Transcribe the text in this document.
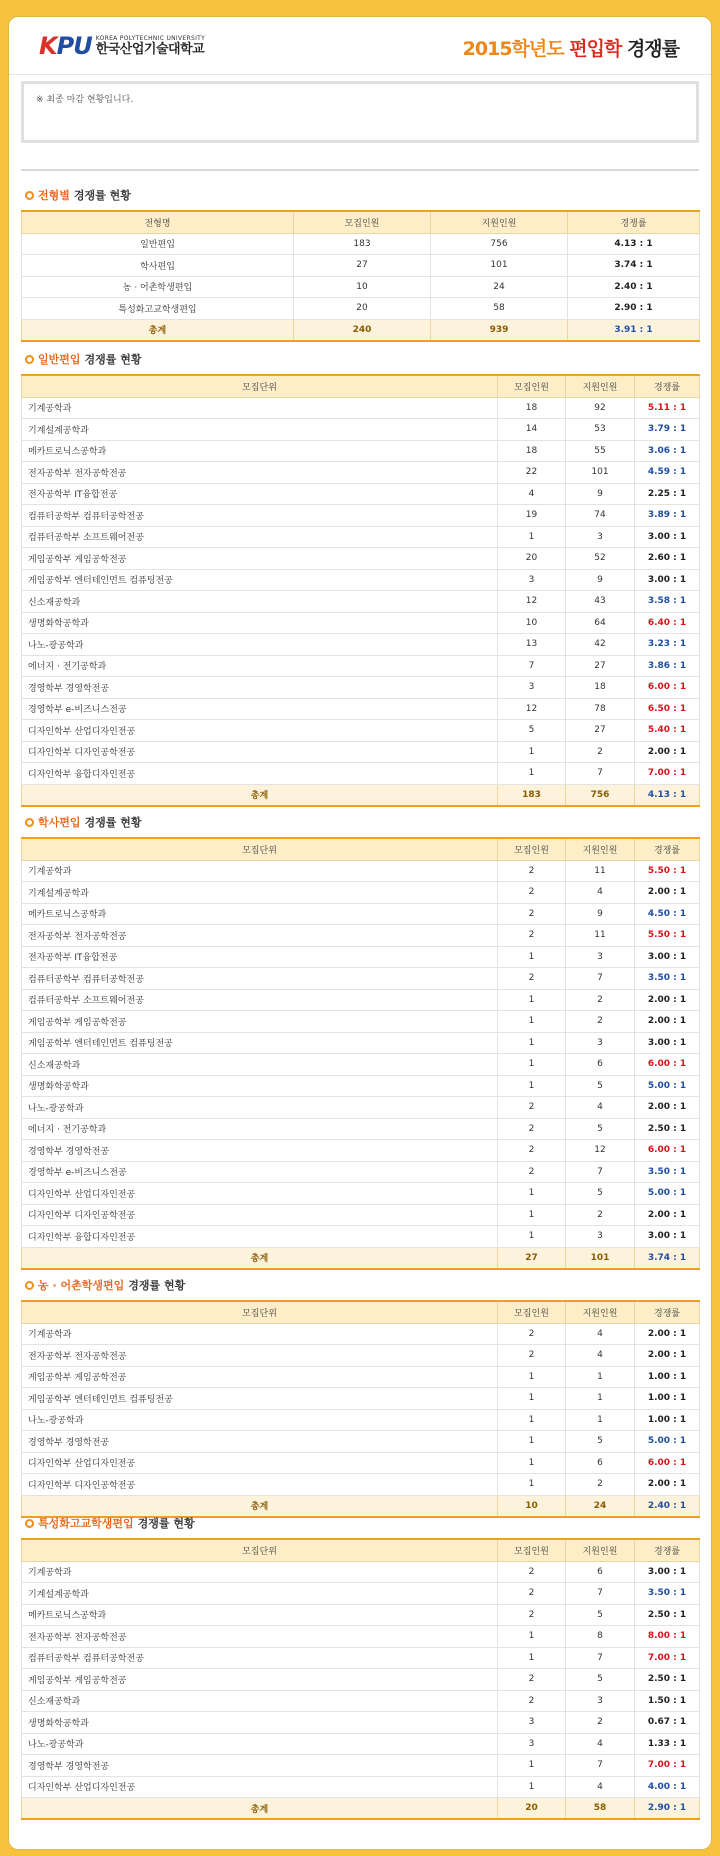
KPU KOREA POLYTECHNIC UNIVERSITY
한국산업기술대학교	2015학년도 편입학 경쟁률
※ 최종 마감 현황입니다.
전형별 경쟁률 현황
전형명	모집인원	지원인원	경쟁률
일반편입	183	756	4.13 : 1
학사편입	27	101	3.74 : 1
농 · 어촌학생편입	10	24	2.40 : 1
특성화고교학생편입	20	58	2.90 : 1
총계	240	939	3.91 : 1
일반편입 경쟁률 현황
모집단위	모집인원	지원인원	경쟁률
기계공학과	18	92	5.11 : 1
기계설계공학과	14	53	3.79 : 1
메카트로닉스공학과	18	55	3.06 : 1
전자공학부 전자공학전공	22	101	4.59 : 1
전자공학부 IT융합전공	4	9	2.25 : 1
컴퓨터공학부 컴퓨터공학전공	19	74	3.89 : 1
컴퓨터공학부 소프트웨어전공	1	3	3.00 : 1
게임공학부 게임공학전공	20	52	2.60 : 1
게임공학부 엔터테인먼트 컴퓨팅전공	3	9	3.00 : 1
신소재공학과	12	43	3.58 : 1
생명화학공학과	10	64	6.40 : 1
나노-광공학과	13	42	3.23 : 1
에너지 · 전기공학과	7	27	3.86 : 1
경영학부 경영학전공	3	18	6.00 : 1
경영학부 e-비즈니스전공	12	78	6.50 : 1
디자인학부 산업디자인전공	5	27	5.40 : 1
디자인학부 디자인공학전공	1	2	2.00 : 1
디자인학부 융합디자인전공	1	7	7.00 : 1
총계	183	756	4.13 : 1
학사편입 경쟁률 현황
모집단위	모집인원	지원인원	경쟁률
기계공학과	2	11	5.50 : 1
기계설계공학과	2	4	2.00 : 1
메카트로닉스공학과	2	9	4.50 : 1
전자공학부 전자공학전공	2	11	5.50 : 1
전자공학부 IT융합전공	1	3	3.00 : 1
컴퓨터공학부 컴퓨터공학전공	2	7	3.50 : 1
컴퓨터공학부 소프트웨어전공	1	2	2.00 : 1
게임공학부 게임공학전공	1	2	2.00 : 1
게임공학부 엔터테인먼트 컴퓨팅전공	1	3	3.00 : 1
신소재공학과	1	6	6.00 : 1
생명화학공학과	1	5	5.00 : 1
나노-광공학과	2	4	2.00 : 1
에너지 · 전기공학과	2	5	2.50 : 1
경영학부 경영학전공	2	12	6.00 : 1
경영학부 e-비즈니스전공	2	7	3.50 : 1
디자인학부 산업디자인전공	1	5	5.00 : 1
디자인학부 디자인공학전공	1	2	2.00 : 1
디자인학부 융합디자인전공	1	3	3.00 : 1
총계	27	101	3.74 : 1
농 · 어촌학생편입 경쟁률 현황
모집단위	모집인원	지원인원	경쟁률
기계공학과	2	4	2.00 : 1
전자공학부 전자공학전공	2	4	2.00 : 1
게임공학부 게임공학전공	1	1	1.00 : 1
게임공학부 엔터테인먼트 컴퓨팅전공	1	1	1.00 : 1
나노-광공학과	1	1	1.00 : 1
경영학부 경영학전공	1	5	5.00 : 1
디자인학부 산업디자인전공	1	6	6.00 : 1
디자인학부 디자인공학전공	1	2	2.00 : 1
총계	10	24	2.40 : 1
특성화고교학생편입 경쟁률 현황
모집단위	모집인원	지원인원	경쟁률
기계공학과	2	6	3.00 : 1
기계설계공학과	2	7	3.50 : 1
메카트로닉스공학과	2	5	2.50 : 1
전자공학부 전자공학전공	1	8	8.00 : 1
컴퓨터공학부 컴퓨터공학전공	1	7	7.00 : 1
게임공학부 게임공학전공	2	5	2.50 : 1
신소재공학과	2	3	1.50 : 1
생명화학공학과	3	2	0.67 : 1
나노-광공학과	3	4	1.33 : 1
경영학부 경영학전공	1	7	7.00 : 1
디자인학부 산업디자인전공	1	4	4.00 : 1
총계	20	58	2.90 : 1
